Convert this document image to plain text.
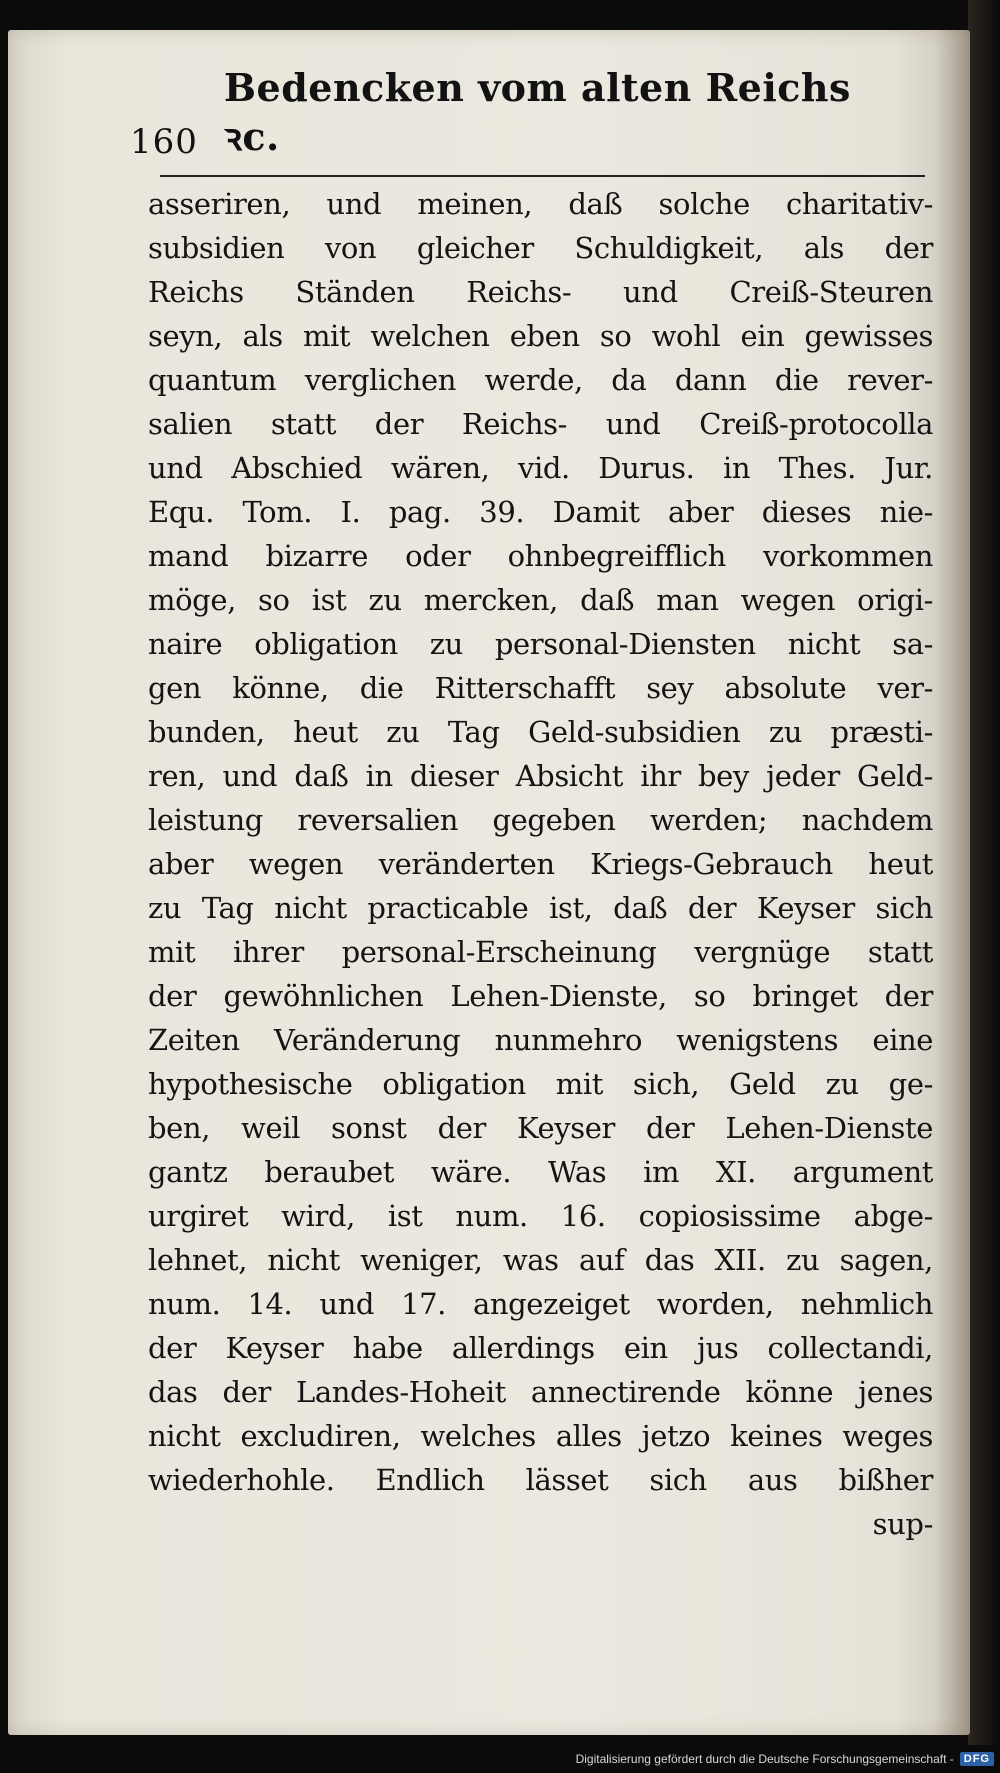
160
Bedencken vom alten Reichs ꝛc.
asseriren, und meinen, daß solche charitativ-
subsidien von gleicher Schuldigkeit, als der
Reichs Ständen Reichs- und Creiß-Steuren
seyn, als mit welchen eben so wohl ein gewisses
quantum verglichen werde, da dann die rever-
salien statt der Reichs- und Creiß-protocolla
und Abschied wären, vid. Durus. in Thes. Jur.
Equ. Tom. I. pag. 39. Damit aber dieses nie-
mand bizarre oder ohnbegreifflich vorkommen
möge, so ist zu mercken, daß man wegen origi-
naire obligation zu personal-Diensten nicht sa-
gen könne, die Ritterschafft sey absolute ver-
bunden, heut zu Tag Geld-subsidien zu præsti-
ren, und daß in dieser Absicht ihr bey jeder Geld-
leistung reversalien gegeben werden; nachdem
aber wegen veränderten Kriegs-Gebrauch heut
zu Tag nicht practicable ist, daß der Keyser sich
mit ihrer personal-Erscheinung vergnüge statt
der gewöhnlichen Lehen-Dienste, so bringet der
Zeiten Veränderung nunmehro wenigstens eine
hypothesische obligation mit sich, Geld zu ge-
ben, weil sonst der Keyser der Lehen-Dienste
gantz beraubet wäre. Was im XI. argument
urgiret wird, ist num. 16. copiosissime abge-
lehnet, nicht weniger, was auf das XII. zu sagen,
num. 14. und 17. angezeiget worden, nehmlich
der Keyser habe allerdings ein jus collectandi,
das der Landes-Hoheit annectirende könne jenes
nicht excludiren, welches alles jetzo keines weges
wiederhohle. Endlich lässet sich aus bißher
sup-
Digitalisierung gefördert durch die Deutsche Forschungsgemeinschaft - DFG
